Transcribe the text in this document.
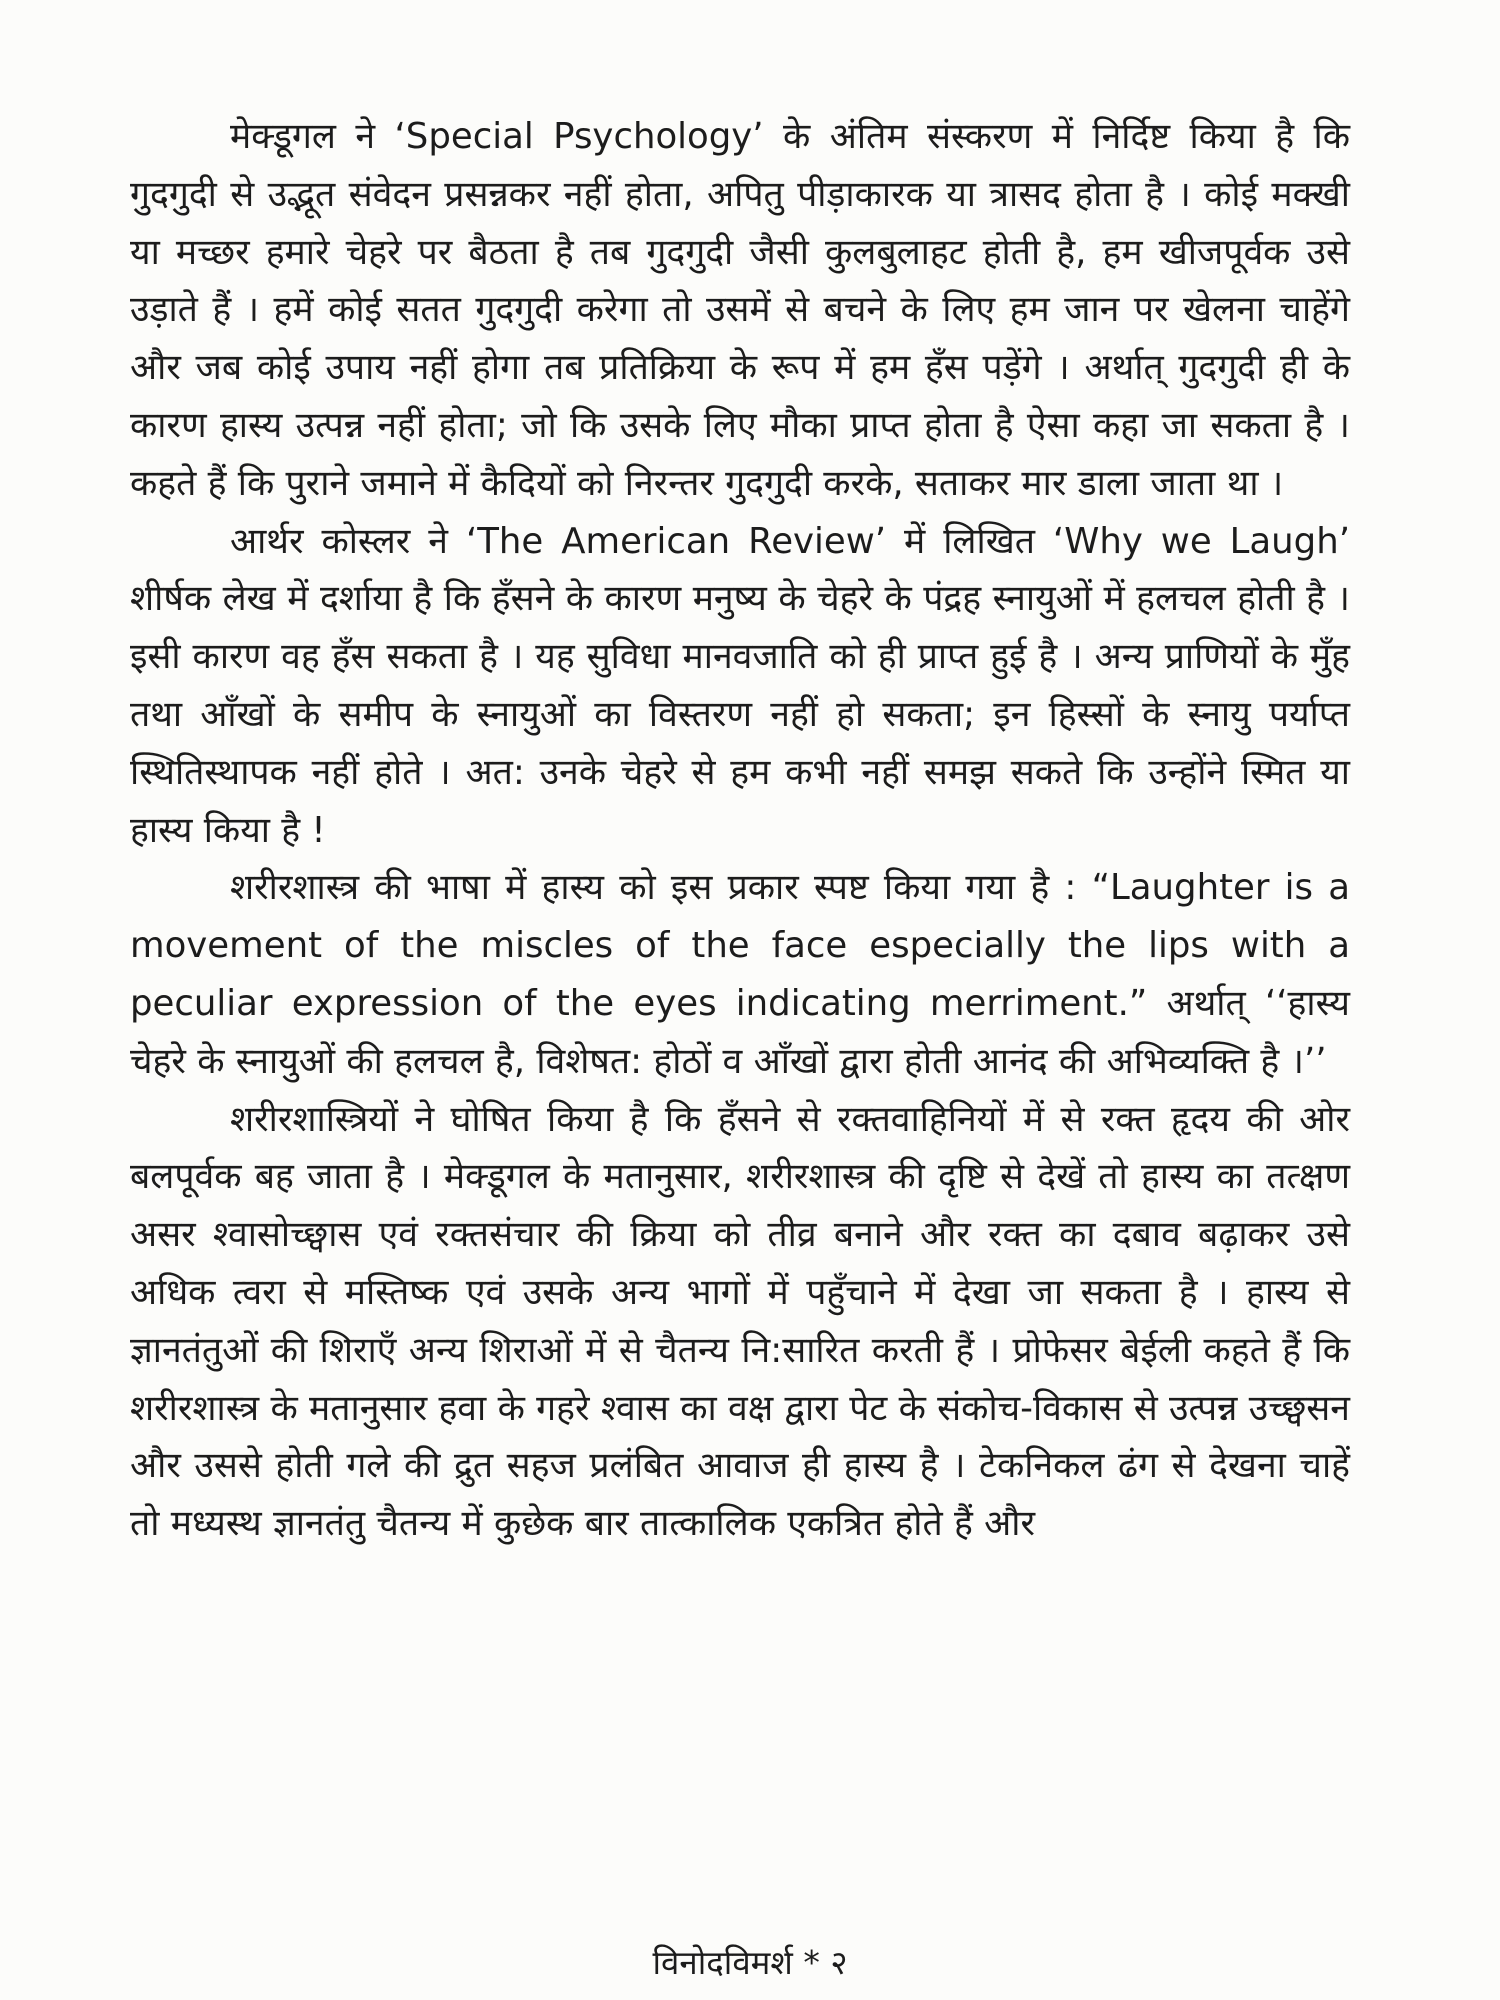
मेक्डूगल ने ‘Special Psychology’ के अंतिम संस्करण में निर्दिष्ट किया है कि गुदगुदी से उद्भूत संवेदन प्रसन्नकर नहीं होता, अपितु पीड़ाकारक या त्रासद होता है । कोई मक्खी या मच्छर हमारे चेहरे पर बैठता है तब गुदगुदी जैसी कुलबुलाहट होती है, हम खीजपूर्वक उसे उड़ाते हैं । हमें कोई सतत गुदगुदी करेगा तो उसमें से बचने के लिए हम जान पर खेलना चाहेंगे और जब कोई उपाय नहीं होगा तब प्रतिक्रिया के रूप में हम हँस पड़ेंगे । अर्थात् गुदगुदी ही के कारण हास्य उत्पन्न नहीं होता; जो कि उसके लिए मौका प्राप्त होता है ऐसा कहा जा सकता है । कहते हैं कि पुराने जमाने में कैदियों को निरन्तर गुदगुदी करके, सताकर मार डाला जाता था ।

आर्थर कोस्लर ने ‘The American Review’ में लिखित ‘Why we Laugh’ शीर्षक लेख में दर्शाया है कि हँसने के कारण मनुष्य के चेहरे के पंद्रह स्नायुओं में हलचल होती है । इसी कारण वह हँस सकता है । यह सुविधा मानवजाति को ही प्राप्त हुई है । अन्य प्राणियों के मुँह तथा आँखों के समीप के स्नायुओं का विस्तरण नहीं हो सकता; इन हिस्सों के स्नायु पर्याप्त स्थितिस्थापक नहीं होते । अत: उनके चेहरे से हम कभी नहीं समझ सकते कि उन्होंने स्मित या हास्य किया है !

शरीरशास्त्र की भाषा में हास्य को इस प्रकार स्पष्ट किया गया है : “Laughter is a movement of the miscles of the face especially the lips with a peculiar expression of the eyes indicating merriment.” अर्थात् ‘‘हास्य चेहरे के स्नायुओं की हलचल है, विशेषत: होठों व आँखों द्वारा होती आनंद की अभिव्यक्ति है ।’’

शरीरशास्त्रियों ने घोषित किया है कि हँसने से रक्तवाहिनियों में से रक्त हृदय की ओर बलपूर्वक बह जाता है । मेक्डूगल के मतानुसार, शरीरशास्त्र की दृष्टि से देखें तो हास्य का तत्क्षण असर श्वासोच्छ्वास एवं रक्तसंचार की क्रिया को तीव्र बनाने और रक्त का दबाव बढ़ाकर उसे अधिक त्वरा से मस्तिष्क एवं उसके अन्य भागों में पहुँचाने में देखा जा सकता है । हास्य से ज्ञानतंतुओं की शिराएँ अन्य शिराओं में से चैतन्य नि:सारित करती हैं । प्रोफेसर बेईली कहते हैं कि शरीरशास्त्र के मतानुसार हवा के गहरे श्वास का वक्ष द्वारा पेट के संकोच-विकास से उत्पन्न उच्छ्वसन और उससे होती गले की द्रुत सहज प्रलंबित आवाज ही हास्य है । टेकनिकल ढंग से देखना चाहें तो मध्यस्थ ज्ञानतंतु चैतन्य में कुछेक बार तात्कालिक एकत्रित होते हैं और

विनोदविमर्श * २
